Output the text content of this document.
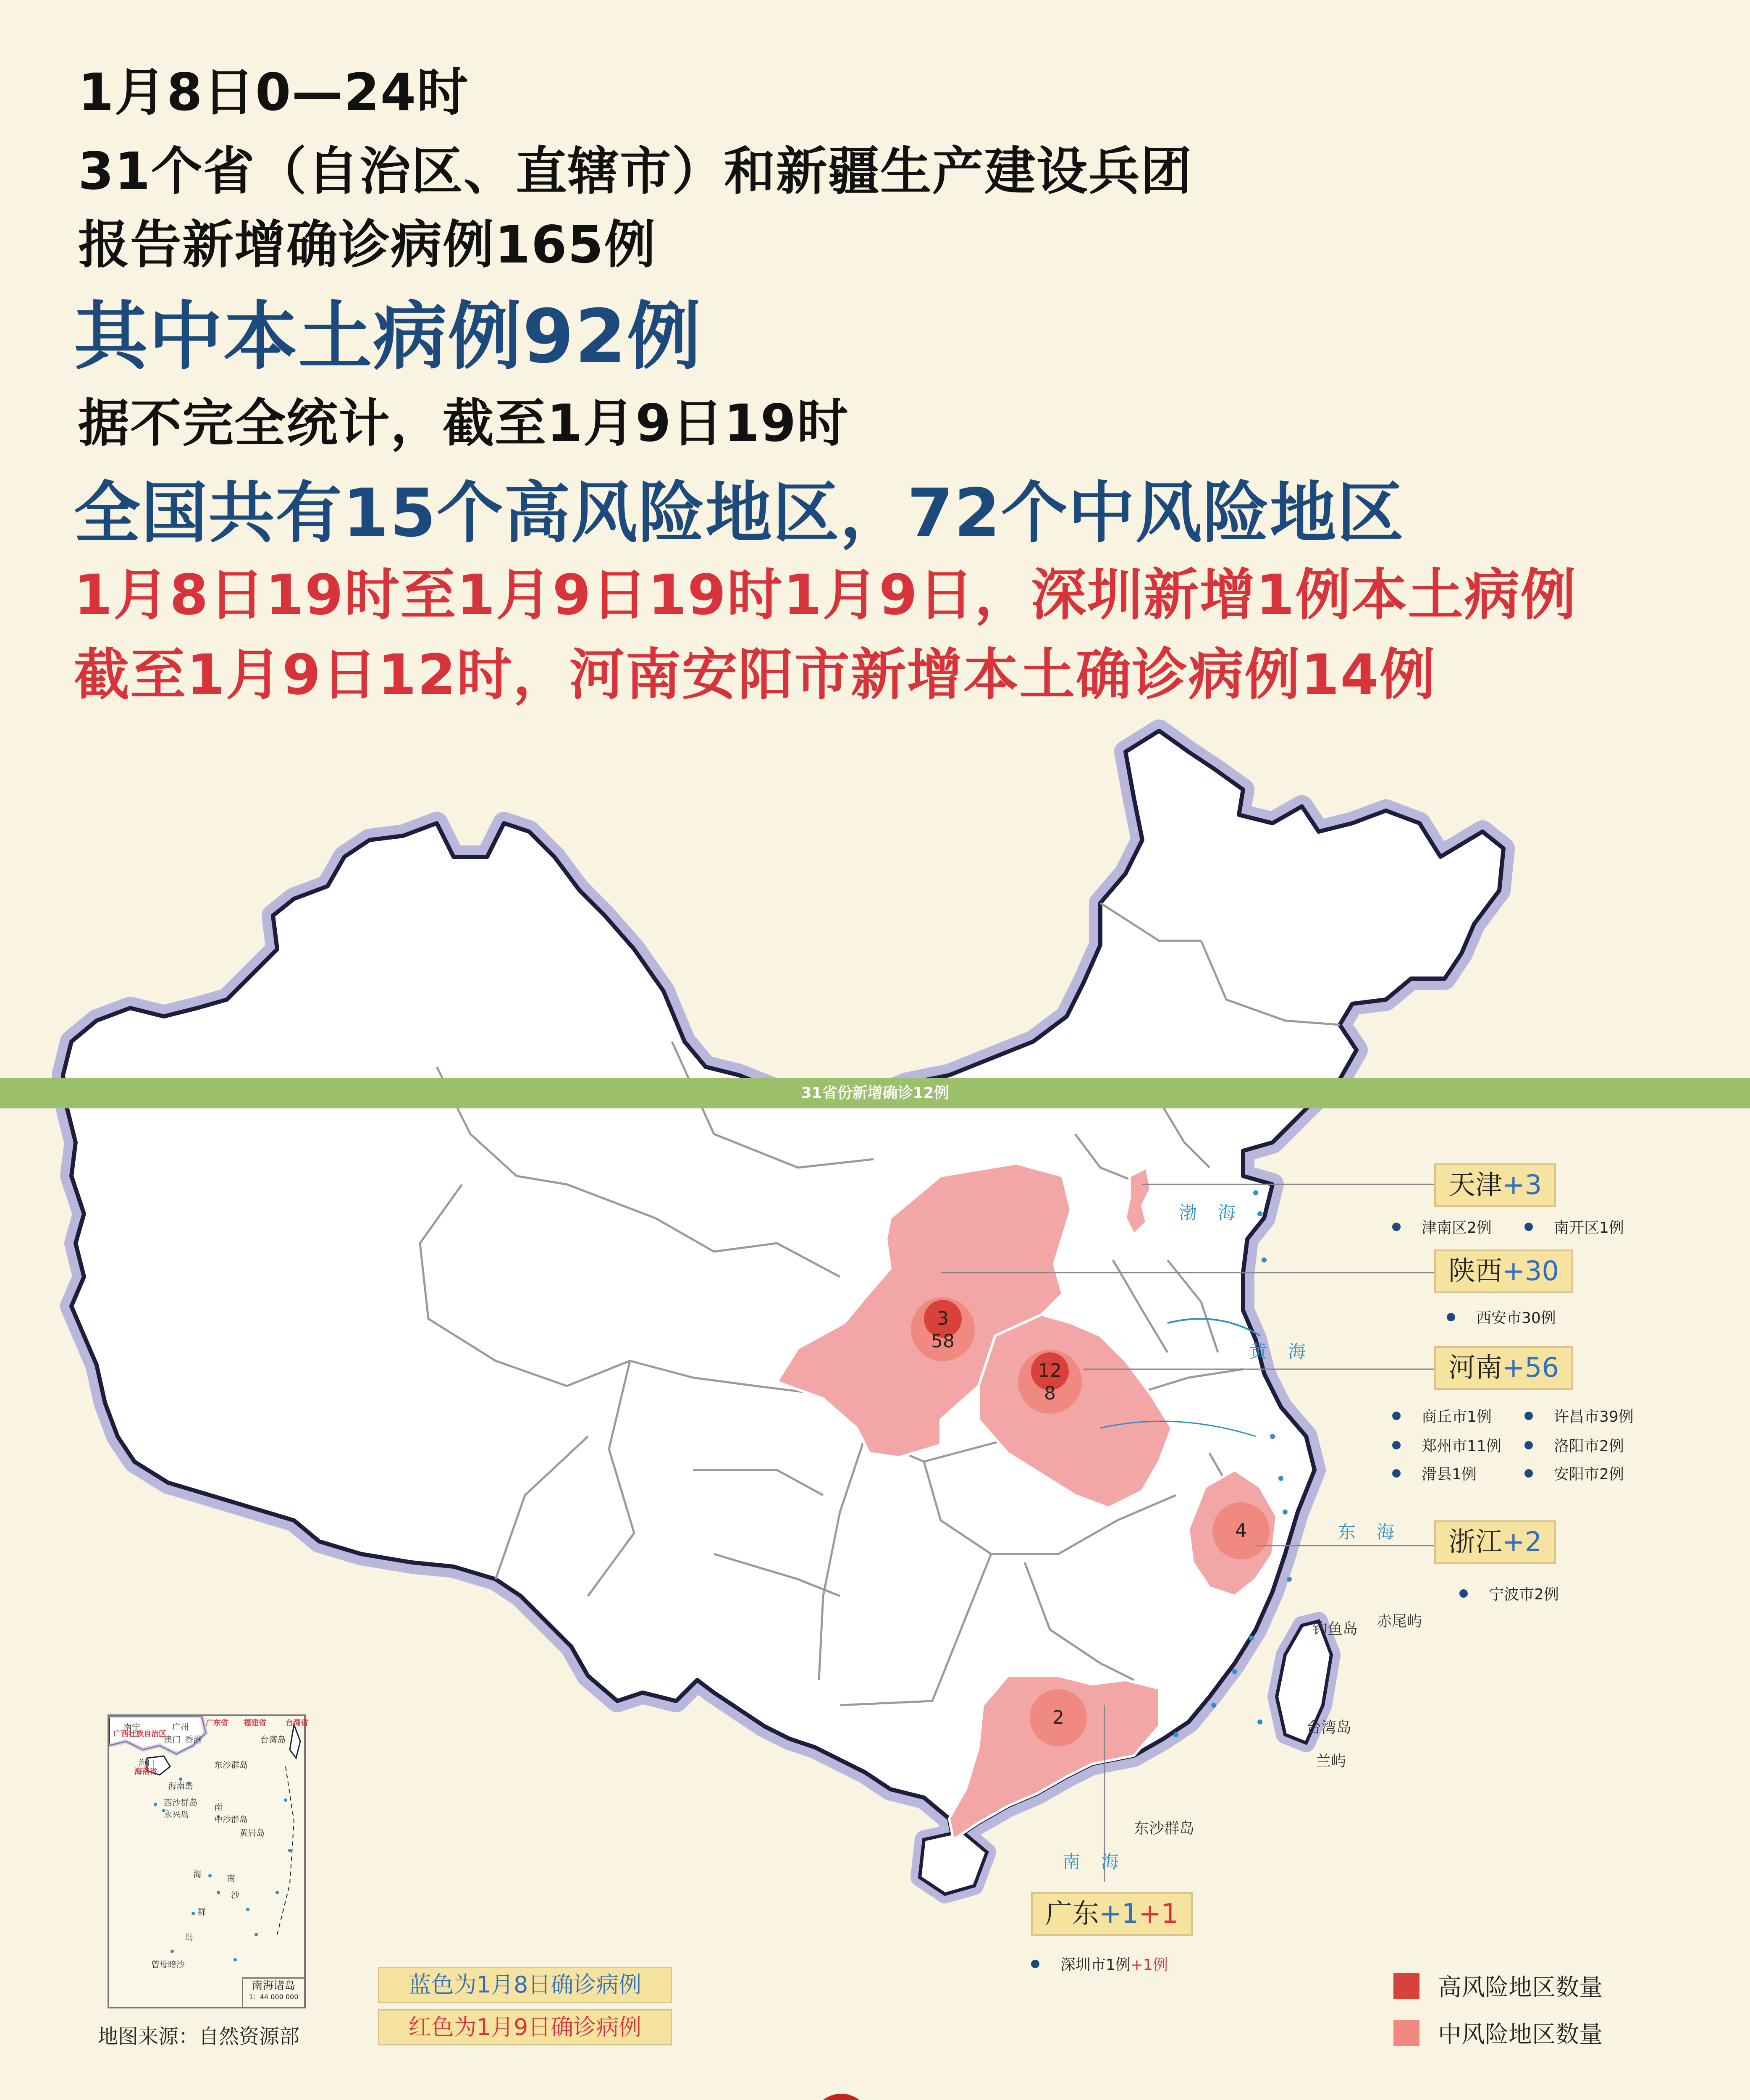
1月8日0—24时
31个省（自治区、直辖市）和新疆生产建设兵团
报告新增确诊病例165例
其中本土病例92例
据不完全统计，截至1月9日19时
全国共有15个高风险地区，72个中风险地区
1月8日19时至1月9日19时1月9日，深圳新增1例本土病例
截至1月9日12时，河南安阳市新增本土确诊病例14例
渤海
黄海
东海
南海
钓鱼岛 赤尾屿
台湾岛
兰屿
东沙群岛
3
58
12
8
4
2
天津+3
津南区2例	南开区1例
陕西+30
西安市30例
河南+56
商丘市1例	许昌市39例
郑州市11例	洛阳市2例
滑县1例	安阳市2例
浙江+2
宁波市2例
广东+1+1
深圳市1例 +1例
31省份新增确诊12例
南宁	广州
澳门 香港	台湾岛
广西壮族自治区
广东省 福建省	台湾省
海南省
海口
海南岛
东沙群岛
西沙群岛
永兴岛	中沙群岛
黄岩岛
南
海	南
沙
群
岛
曾母暗沙
南海诸岛
1：44 000 000	蓝色为1月8日确诊病例
红色为1月9日确诊病例
地图来源：自然资源部
高风险地区数量
中风险地区数量
